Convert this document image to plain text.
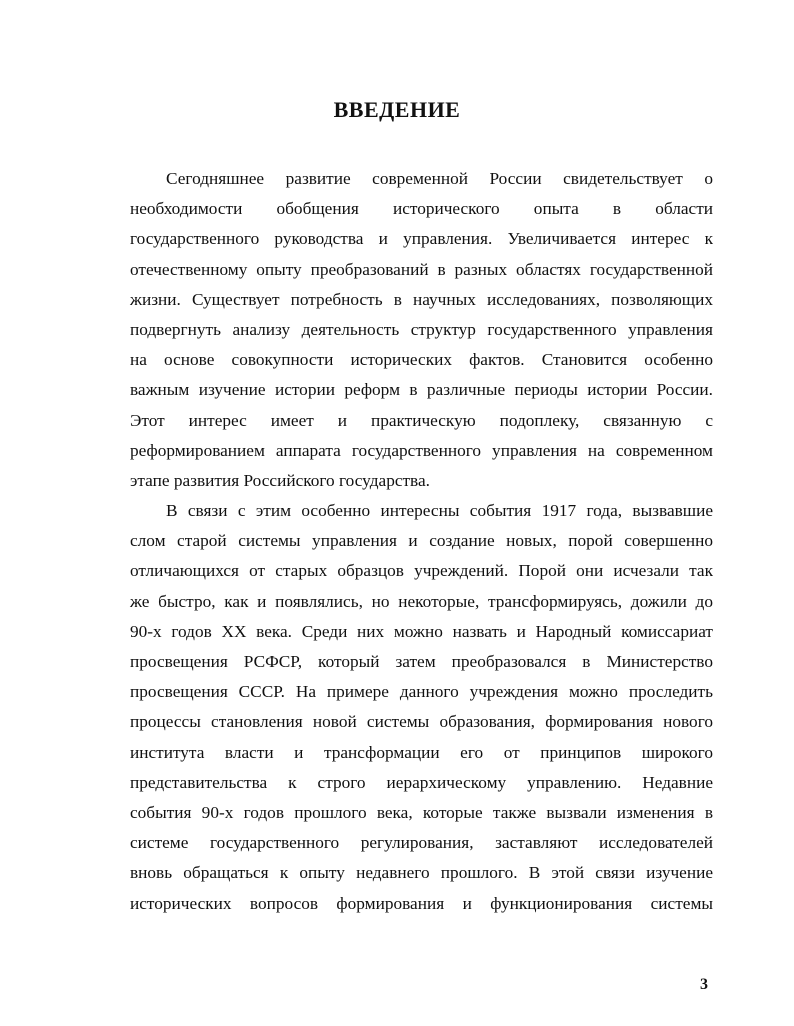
ВВЕДЕНИЕ

Сегодняшнее развитие современной России свидетельствует о
необходимости обобщения исторического опыта в области
государственного руководства и управления. Увеличивается интерес к
отечественному опыту преобразований в разных областях государственной
жизни. Существует потребность в научных исследованиях, позволяющих
подвергнуть анализу деятельность структур государственного управления
на основе совокупности исторических фактов. Становится особенно
важным изучение истории реформ в различные периоды истории России.
Этот интерес имеет и практическую подоплеку, связанную с
реформированием аппарата государственного управления на современном
этапе развития Российского государства.

В связи с этим особенно интересны события 1917 года, вызвавшие
слом старой системы управления и создание новых, порой совершенно
отличающихся от старых образцов учреждений. Порой они исчезали так
же быстро, как и появлялись, но некоторые, трансформируясь, дожили до
90-х годов XX века. Среди них можно назвать и Народный комиссариат
просвещения РСФСР, который затем преобразовался в Министерство
просвещения СССР. На примере данного учреждения можно проследить
процессы становления новой системы образования, формирования нового
института власти и трансформации его от принципов широкого
представительства к строго иерархическому управлению. Недавние
события 90-х годов прошлого века, которые также вызвали изменения в
системе государственного регулирования, заставляют исследователей
вновь обращаться к опыту недавнего прошлого. В этой связи изучение
исторических вопросов формирования и функционирования системы

3
